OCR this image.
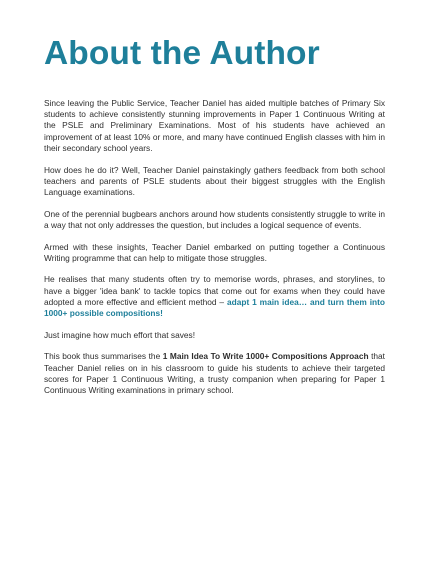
About the Author

Since leaving the Public Service, Teacher Daniel has aided multiple batches of Primary Six students to achieve consistently stunning improvements in Paper 1 Continuous Writing at the PSLE and Preliminary Examinations. Most of his students have achieved an improvement of at least 10% or more, and many have continued English classes with him in their secondary school years.

How does he do it? Well, Teacher Daniel painstakingly gathers feedback from both school teachers and parents of PSLE students about their biggest struggles with the English Language examinations.

One of the perennial bugbears anchors around how students consistently struggle to write in a way that not only addresses the question, but includes a logical sequence of events.

Armed with these insights, Teacher Daniel embarked on putting together a Continuous Writing programme that can help to mitigate those struggles.

He realises that many students often try to memorise words, phrases, and storylines, to have a bigger 'idea bank' to tackle topics that come out for exams when they could have adopted a more effective and efficient method – adapt 1 main idea… and turn them into 1000+ possible compositions!

Just imagine how much effort that saves!

This book thus summarises the 1 Main Idea To Write 1000+ Compositions Approach that Teacher Daniel relies on in his classroom to guide his students to achieve their targeted scores for Paper 1 Continuous Writing, a trusty companion when preparing for Paper 1 Continuous Writing examinations in primary school.
